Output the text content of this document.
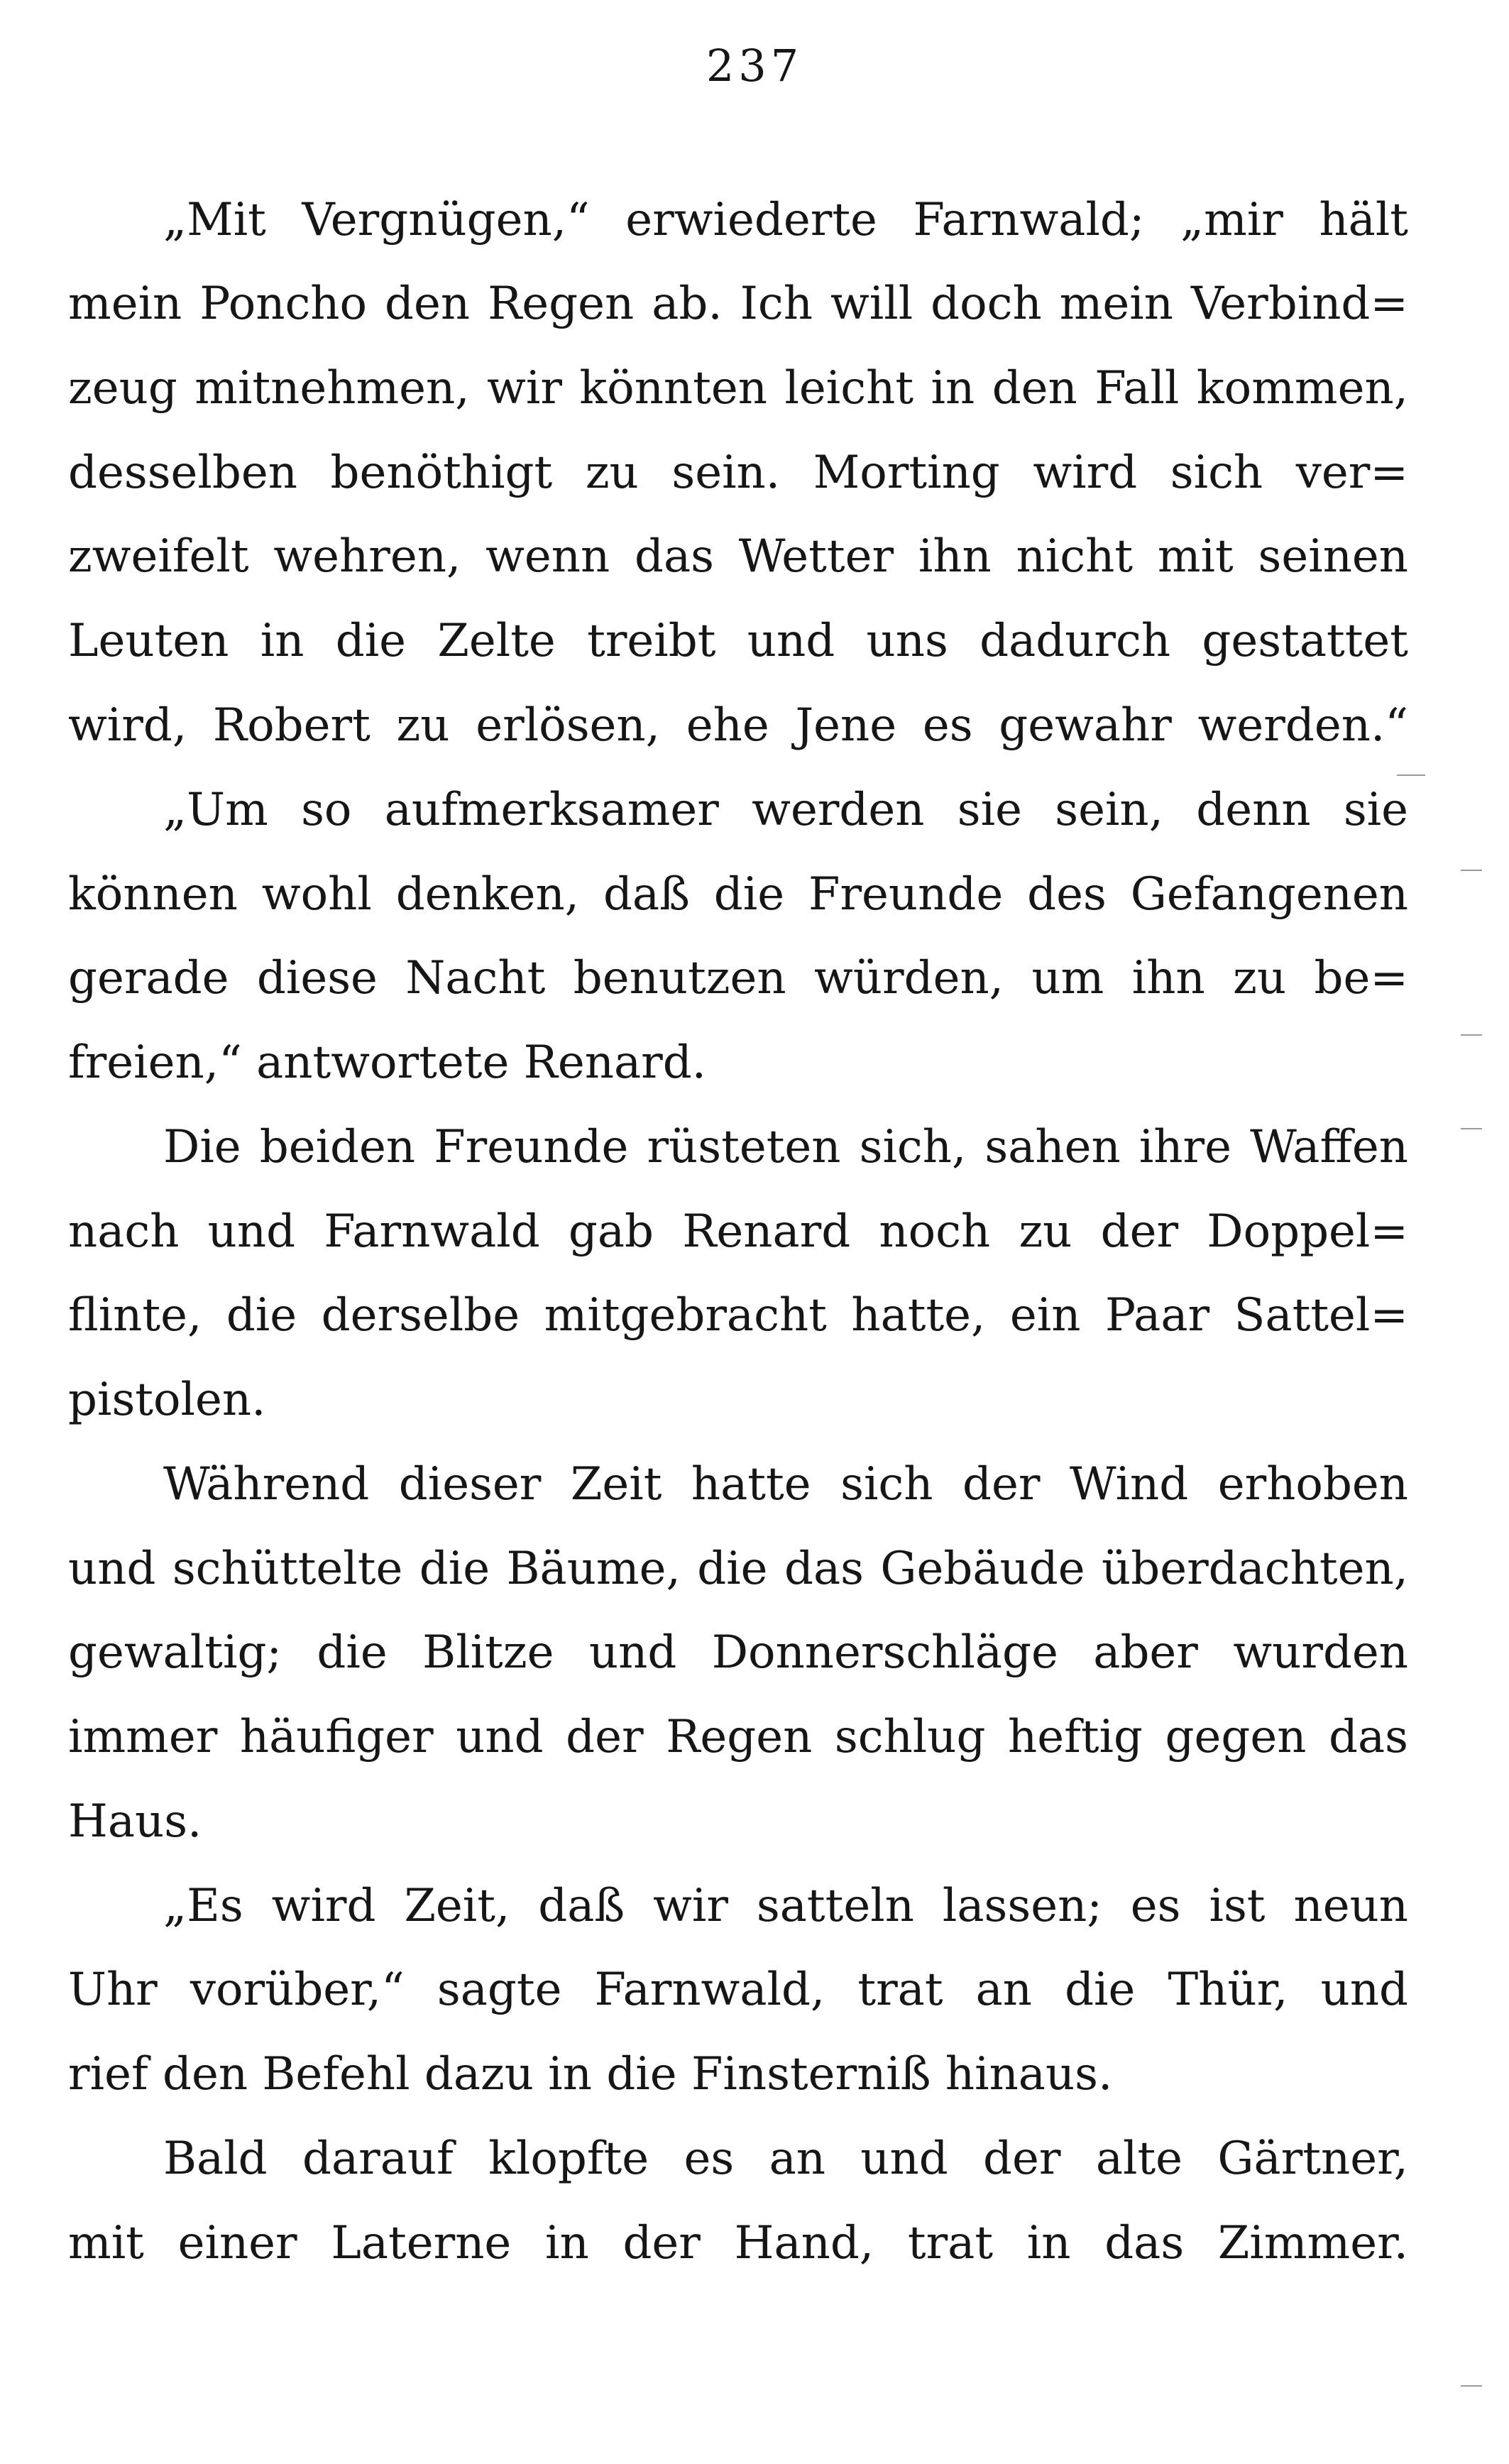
237
„Mit Vergnügen,“ erwiederte Farnwald; „mir hält
mein Poncho den Regen ab. Ich will doch mein Verbind=
zeug mitnehmen, wir könnten leicht in den Fall kommen,
desselben benöthigt zu sein. Morting wird sich ver=
zweifelt wehren, wenn das Wetter ihn nicht mit seinen
Leuten in die Zelte treibt und uns dadurch gestattet
wird, Robert zu erlösen, ehe Jene es gewahr werden.“
„Um so aufmerksamer werden sie sein, denn sie
können wohl denken, daß die Freunde des Gefangenen
gerade diese Nacht benutzen würden, um ihn zu be=
freien,“ antwortete Renard.
Die beiden Freunde rüsteten sich, sahen ihre Waffen
nach und Farnwald gab Renard noch zu der Doppel=
flinte, die derselbe mitgebracht hatte, ein Paar Sattel=
pistolen.
Während dieser Zeit hatte sich der Wind erhoben
und schüttelte die Bäume, die das Gebäude überdachten,
gewaltig; die Blitze und Donnerschläge aber wurden
immer häufiger und der Regen schlug heftig gegen das
Haus.
„Es wird Zeit, daß wir satteln lassen; es ist neun
Uhr vorüber,“ sagte Farnwald, trat an die Thür, und
rief den Befehl dazu in die Finsterniß hinaus.
Bald darauf klopfte es an und der alte Gärtner,
mit einer Laterne in der Hand, trat in das Zimmer.
